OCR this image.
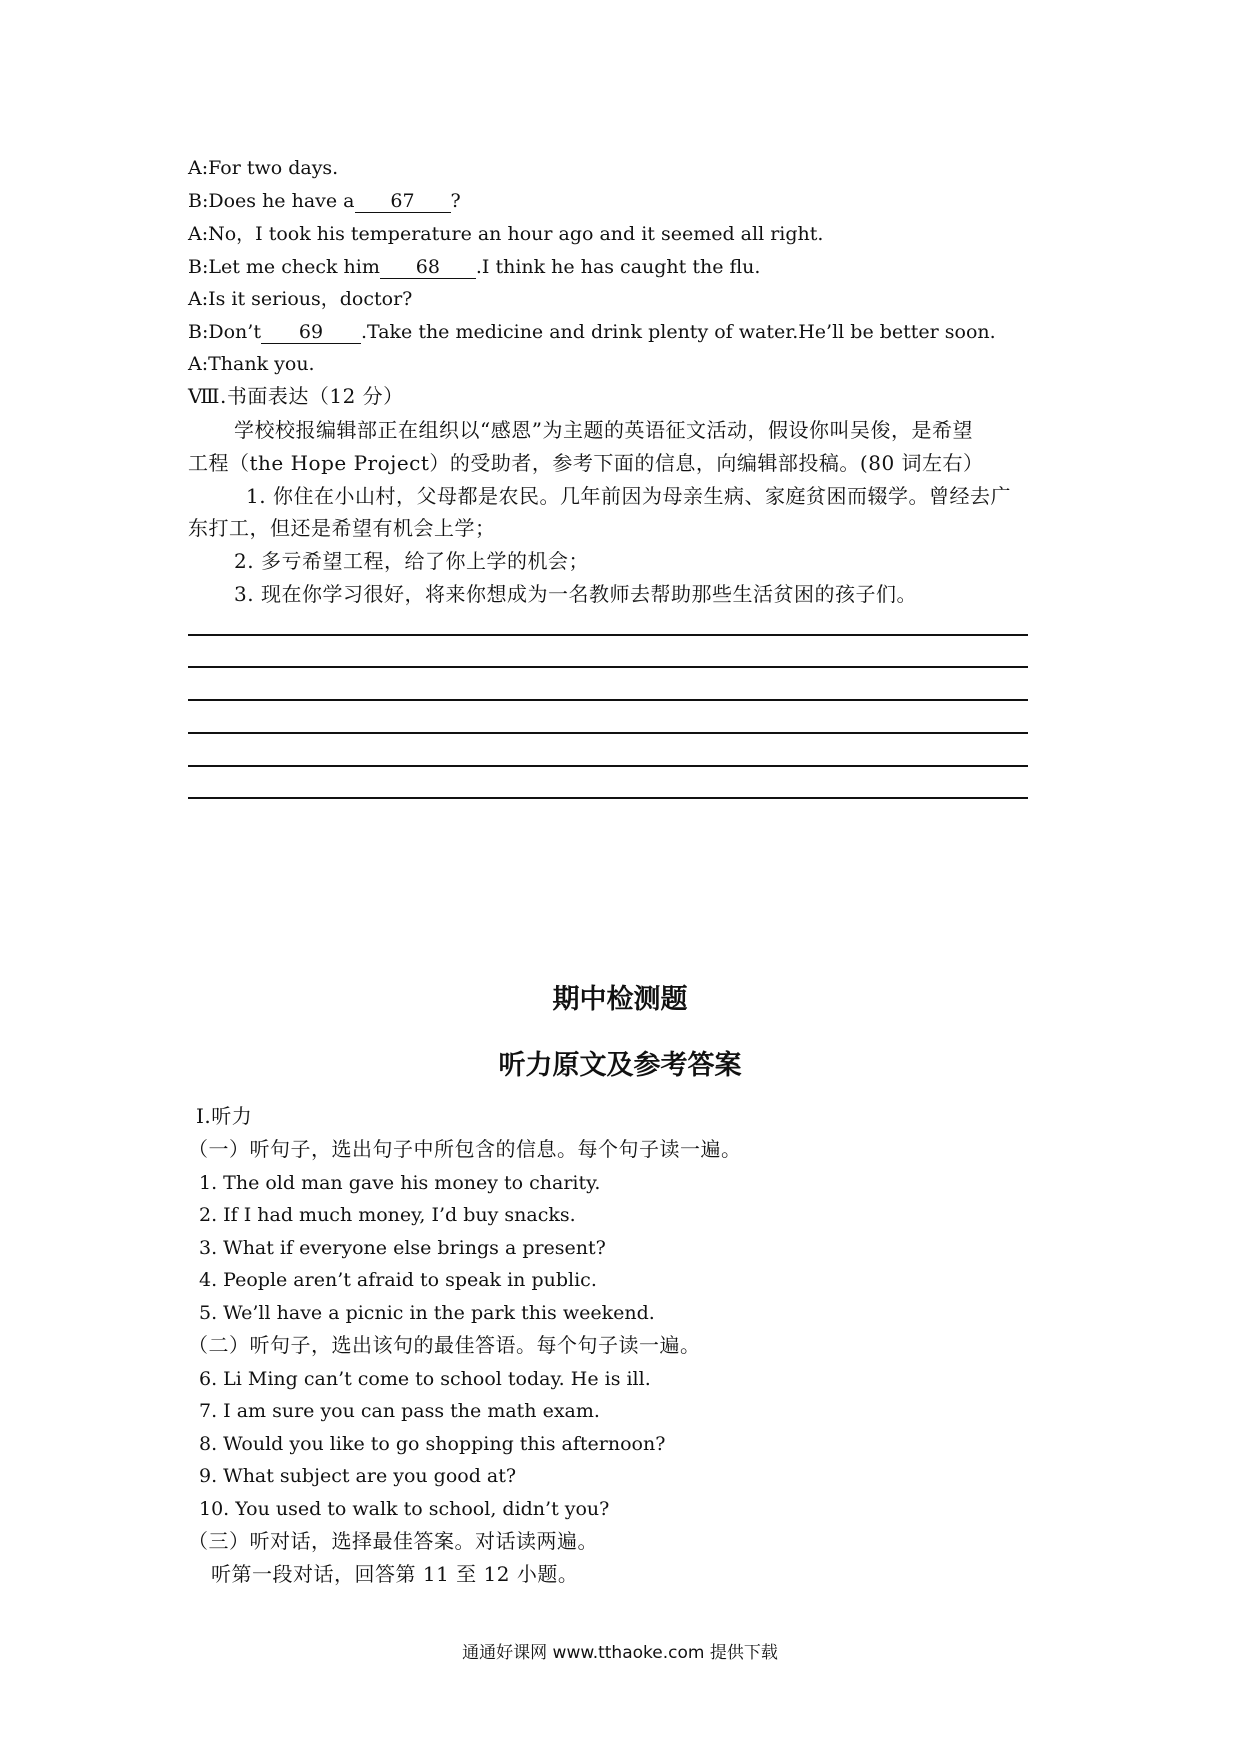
A:For two days.
B:Does he have a 67 ?
A:No，I took his temperature an hour ago and it seemed all right.
B:Let me check him 68 .I think he has caught the flu.
A:Is it serious，doctor?
B:Don’t 69 .Take the medicine and drink plenty of water.He’ll be better soon.
A:Thank you.
Ⅷ.书面表达（12 分）
学校校报编辑部正在组织以“感恩”为主题的英语征文活动，假设你叫吴俊，是希望
工程（the Hope Project）的受助者，参考下面的信息，向编辑部投稿。(80 词左右）
1. 你住在小山村，父母都是农民。几年前因为母亲生病、家庭贫困而辍学。曾经去广
东打工，但还是希望有机会上学；
2. 多亏希望工程，给了你上学的机会；
3. 现在你学习很好，将来你想成为一名教师去帮助那些生活贫困的孩子们。
期中检测题
听力原文及参考答案
Ⅰ.听力
（一）听句子，选出句子中所包含的信息。每个句子读一遍。
1. The old man gave his money to charity.
2. If I had much money, I’d buy snacks.
3. What if everyone else brings a present?
4. People aren’t afraid to speak in public.
5. We’ll have a picnic in the park this weekend.
（二）听句子，选出该句的最佳答语。每个句子读一遍。
6. Li Ming can’t come to school today. He is ill.
7. I am sure you can pass the math exam.
8. Would you like to go shopping this afternoon?
9. What subject are you good at?
10. You used to walk to school, didn’t you?
（三）听对话，选择最佳答案。对话读两遍。
听第一段对话，回答第 11 至 12 小题。
通通好课网 www.tthaoke.com 提供下载
